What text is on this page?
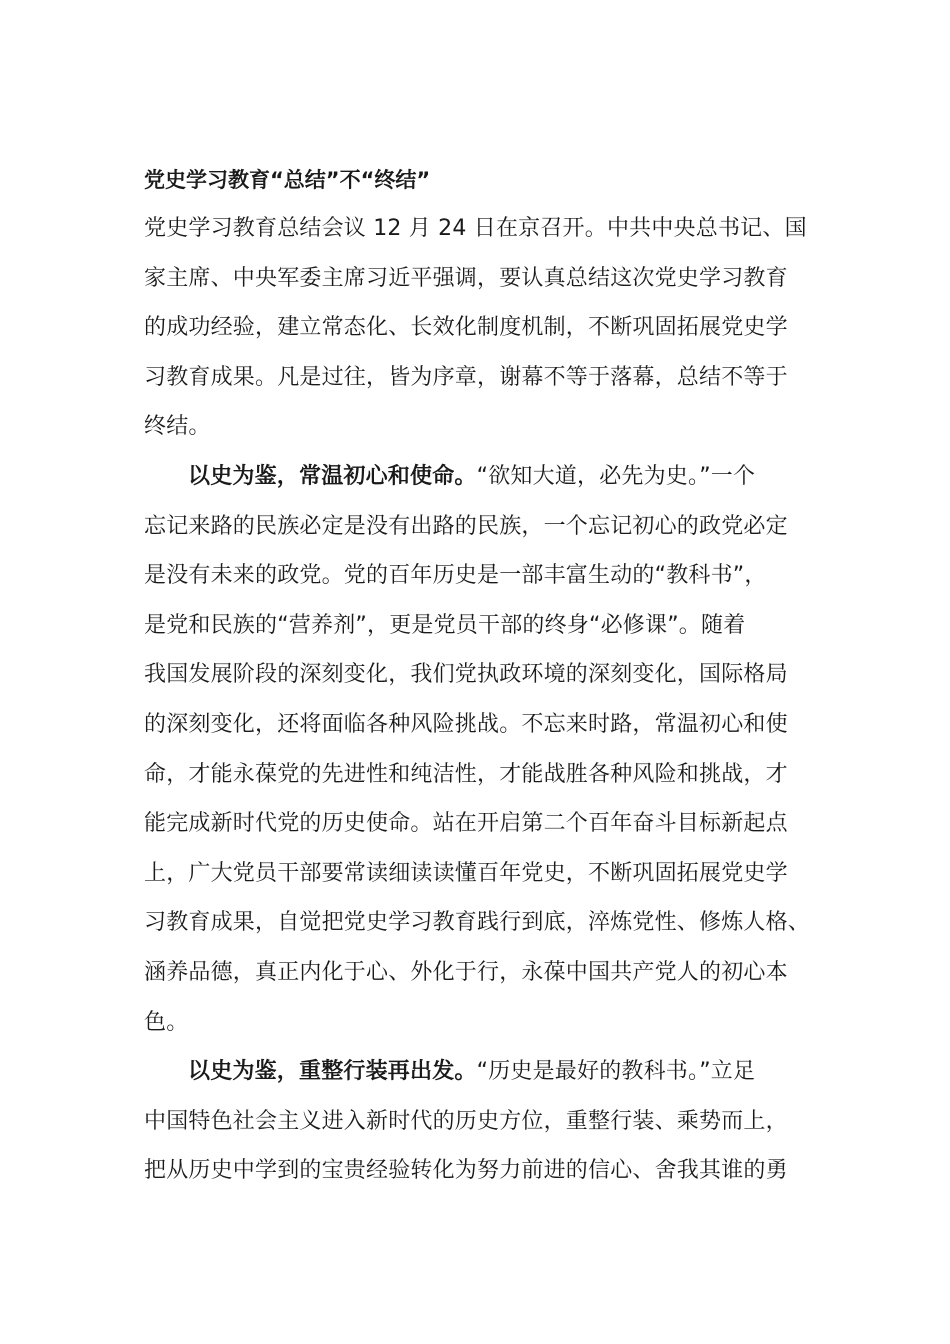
党史学习教育“总结”不“终结”
党史学习教育总结会议 12 月 24 日在京召开。中共中央总书记、国
家主席、中央军委主席习近平强调，要认真总结这次党史学习教育
的成功经验，建立常态化、长效化制度机制，不断巩固拓展党史学
习教育成果。凡是过往，皆为序章，谢幕不等于落幕，总结不等于
终结。
以史为鉴，常温初心和使命。“欲知大道，必先为史。”一个
忘记来路的民族必定是没有出路的民族，一个忘记初心的政党必定
是没有未来的政党。党的百年历史是一部丰富生动的“教科书”，
是党和民族的“营养剂”，更是党员干部的终身“必修课”。随着
我国发展阶段的深刻变化，我们党执政环境的深刻变化，国际格局
的深刻变化，还将面临各种风险挑战。不忘来时路，常温初心和使
命，才能永葆党的先进性和纯洁性，才能战胜各种风险和挑战，才
能完成新时代党的历史使命。站在开启第二个百年奋斗目标新起点
上，广大党员干部要常读细读读懂百年党史，不断巩固拓展党史学
习教育成果，自觉把党史学习教育践行到底，淬炼党性、修炼人格、
涵养品德，真正内化于心、外化于行，永葆中国共产党人的初心本
色。
以史为鉴，重整行装再出发。“历史是最好的教科书。”立足
中国特色社会主义进入新时代的历史方位，重整行装、乘势而上，
把从历史中学到的宝贵经验转化为努力前进的信心、舍我其谁的勇
